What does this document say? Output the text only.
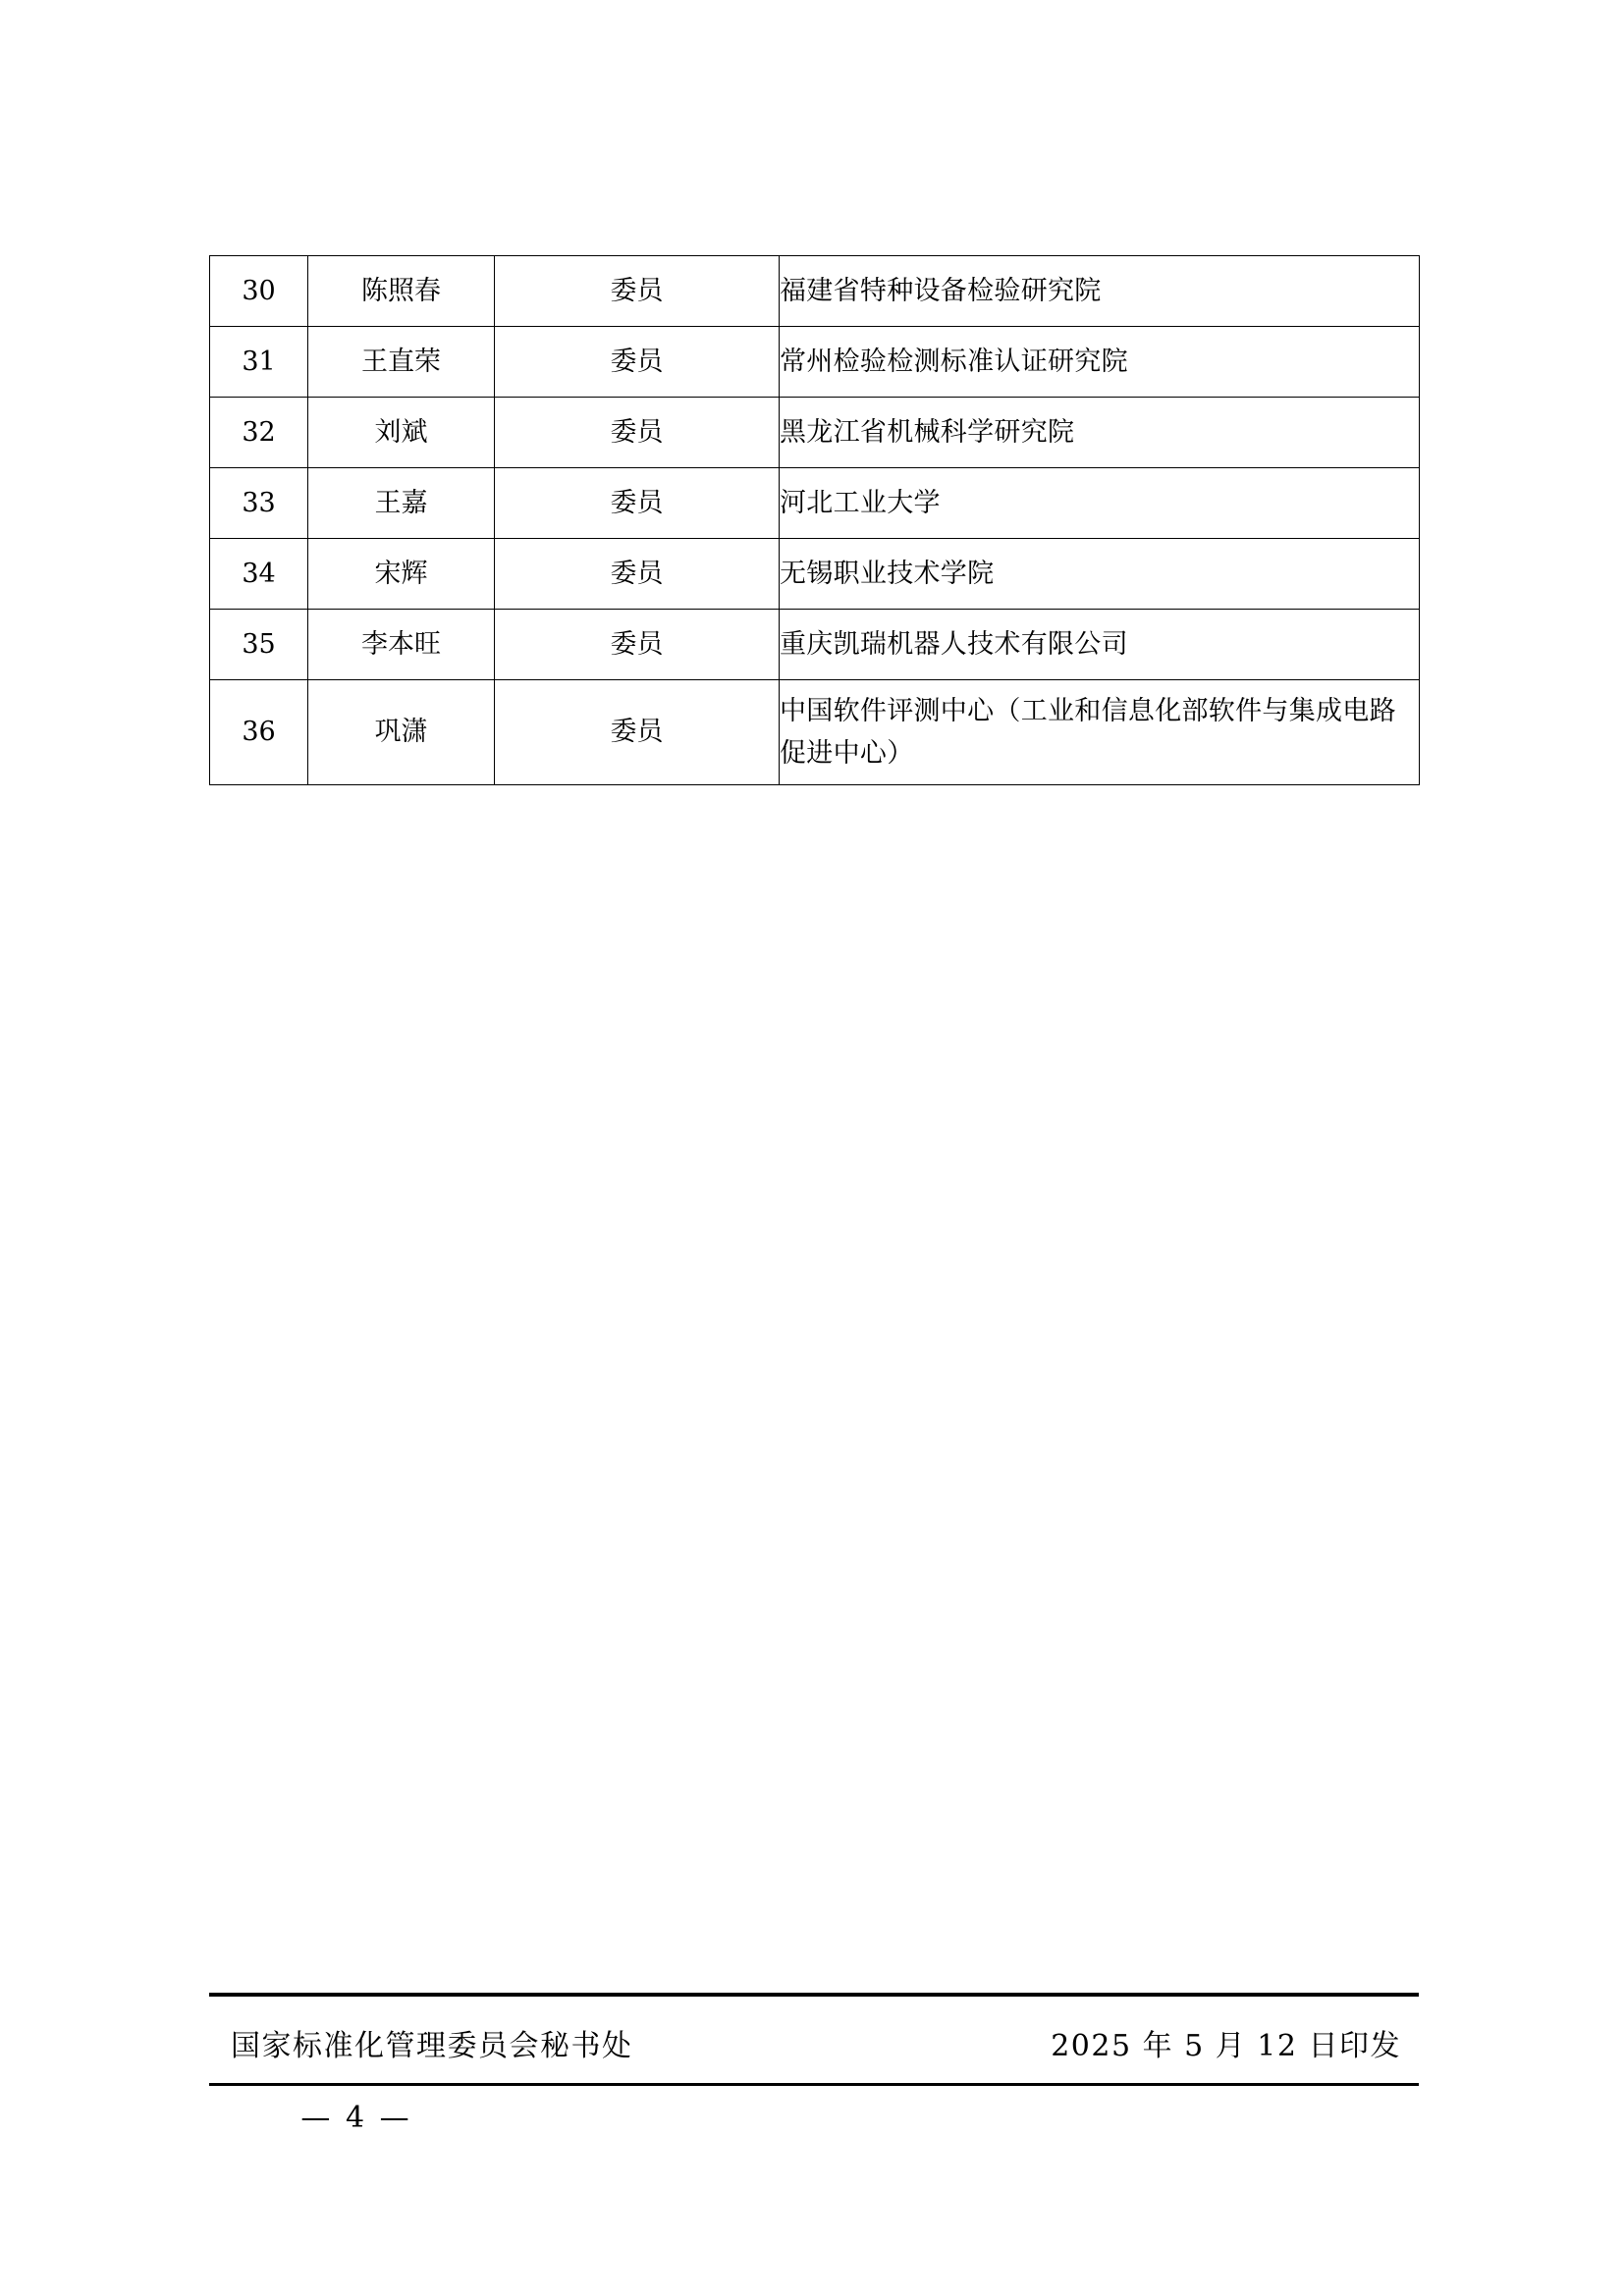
30	陈照春	委员	福建省特种设备检验研究院
31	王直荣	委员	常州检验检测标准认证研究院
32	刘斌	委员	黑龙江省机械科学研究院
33	王嘉	委员	河北工业大学
34	宋辉	委员	无锡职业技术学院
35	李本旺	委员	重庆凯瑞机器人技术有限公司
36	巩潇	委员	中国软件评测中心（工业和信息化部软件与集成电路促进中心）
国家标准化管理委员会秘书处	2025 年 5 月 12 日印发
— 4 —
